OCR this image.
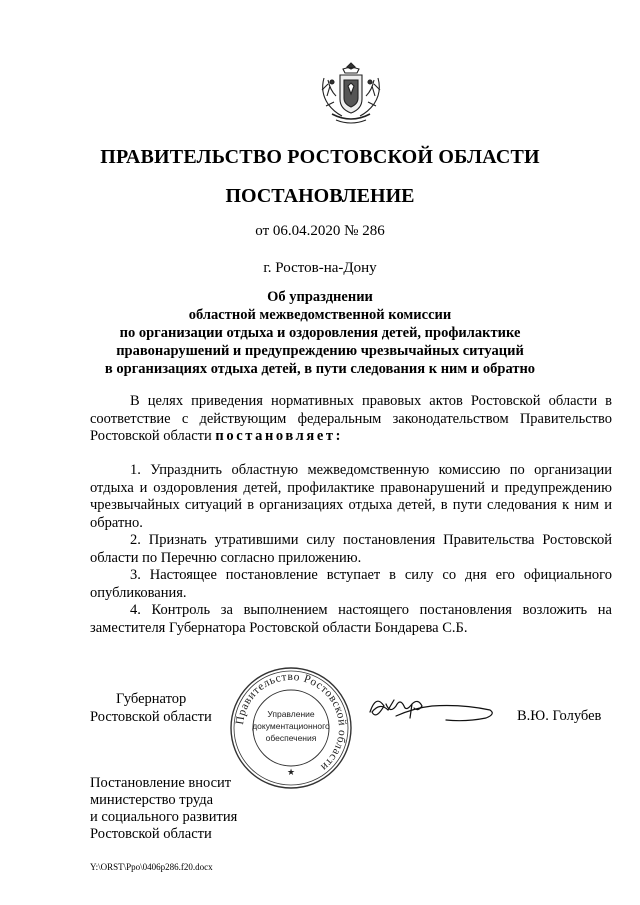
ПРАВИТЕЛЬСТВО РОСТОВСКОЙ ОБЛАСТИ
ПОСТАНОВЛЕНИЕ
от 06.04.2020 № 286
г. Ростов-на-Дону
Об упразднении
областной межведомственной комиссии
по организации отдыха и оздоровления детей, профилактике
правонарушений и предупреждению чрезвычайных ситуаций
в организациях отдыха детей, в пути следования к ним и обратно

В целях приведения нормативных правовых актов Ростовской области в соответствие с действующим федеральным законодательством Правительство Ростовской области постановляет:

1. Упразднить областную межведомственную комиссию по организации отдыха и оздоровления детей, профилактике правонарушений и предупреждению чрезвычайных ситуаций в организациях отдыха детей, в пути следования к ним и обратно.

2. Признать утратившими силу постановления Правительства Ростовской области по Перечню согласно приложению.

3. Настоящее постановление вступает в силу со дня его официального опубликования.

4. Контроль за выполнением настоящего постановления возложить на заместителя Губернатора Ростовской области Бондарева С.Б.

Губернатор
Ростовской области Правительство Ростовской области
Управление
документационного
обеспечения
★
В.Ю. Голубев
Постановление вносит
министерство труда
и социального развития
Ростовской области
Y:\ORST\Ppo\0406p286.f20.docx
